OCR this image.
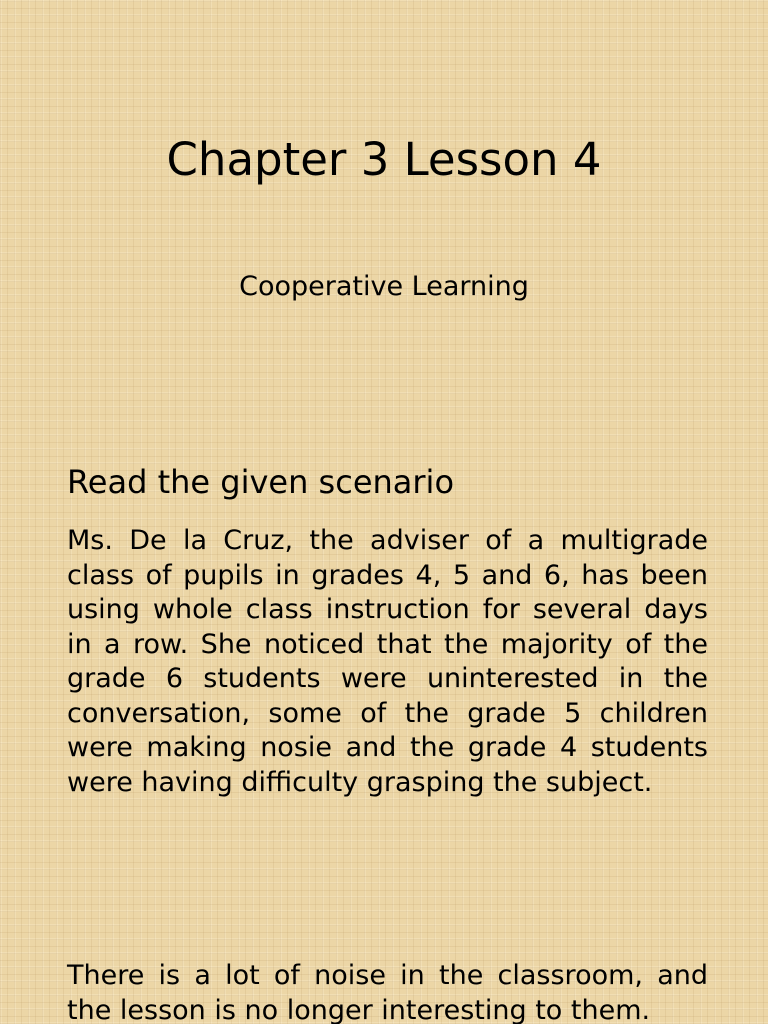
Chapter 3 Lesson 4

Cooperative Learning

Read the given scenario

Ms. De la Cruz, the adviser of a multigrade class of pupils in grades 4, 5 and 6, has been using whole class instruction for several days in a row. She noticed that the majority of the grade 6 students were uninterested in the conversation, some of the grade 5 children were making nosie and the grade 4 students were having difficulty grasping the subject.

There is a lot of noise in the classroom, and the lesson is no longer interesting to them.
